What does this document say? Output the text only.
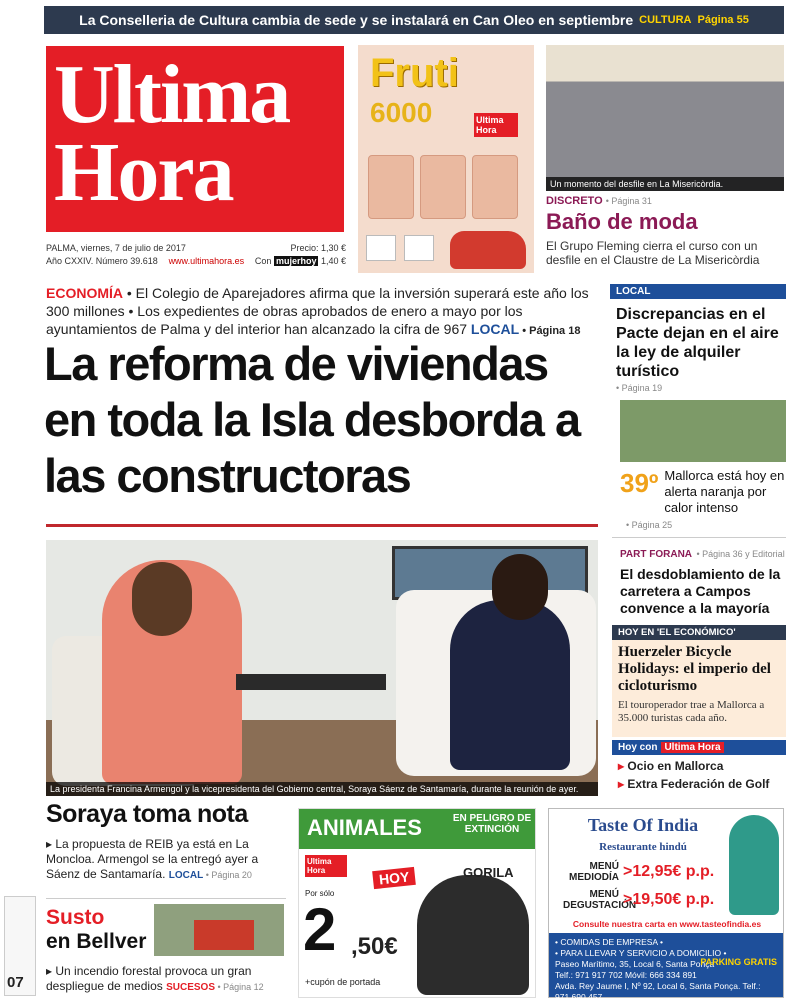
La Conselleria de Cultura cambia de sede y se instalará en Can Oleo en septiembre CULTURA Página 55
Ultima
Hora
PALMA, viernes, 7 de julio de 2017	Precio: 1,30 €
Año CXXIV. Número 39.618 www.ultimahora.es Con mujerhoy 1,40 €
Fruti
6000	Ultima Hora
Un momento del desfile en La Misericòrdia.
DISCRETO • Página 31
Baño de moda
El Grupo Fleming cierra el curso con un desfile en el Claustre de La Misericòrdia
ECONOMÍA • El Colegio de Aparejadores afirma que la inversión superará este año los 300 millones • Los expedientes de obras aprobados de enero a mayo por los ayuntamientos de Palma y del interior han alcanzado la cifra de 967 LOCAL • Página 18
La reforma de viviendas en toda la Isla desborda a las constructoras
La presidenta Francina Armengol y la vicepresidenta del Gobierno central, Soraya Sáenz de Santamaría, durante la reunión de ayer.
Soraya toma nota

▸ La propuesta de REIB ya está en La Moncloa. Armengol se la entregó ayer a Sáenz de Santamaría. LOCAL • Página 20

07
Susto
en Bellver

▸ Un incendio forestal provoca un gran despliegue de medios SUCESOS • Página 12

ANIMALES	EN PELIGRO DE EXTINCIÓN
Ultima Hora	HOY	GORILA
Por sólo
2 ,50€
+cupón de portada
Taste Of India
Restaurante hindú
MENÚ MEDIODÍA >12,95€ p.p.
MENÚ DEGUSTACIÓN
>19,50€ p.p.
Consulte nuestra carta en www.tasteofindia.es
• COMIDAS DE EMPRESA •
• PARA LLEVAR Y SERVICIO A DOMICILIO •
Paseo Marítimo, 35, Local 6, Santa Ponça
Telf.: 971 917 702 Móvil: 666 334 891
Avda. Rey Jaume I, Nº 92, Local 6, Santa Ponça. Telf.: 971 690 457
PARKING GRATIS
LOCAL
Discrepancias en el Pacte dejan en el aire la ley de alquiler turístico
• Página 19
39º Mallorca está hoy en alerta naranja por calor intenso
• Página 25
PART FORANA • Página 36 y Editorial
El desdoblamiento de la carretera a Campos convence a la mayoría
HOY EN 'EL ECONÓMICO'
Huerzeler Bicycle Holidays: el imperio del cicloturismo
El touroperador trae a Mallorca a 35.000 turistas cada año.
Hoy con Ultima Hora
▸ Ocio en Mallorca
▸ Extra Federación de Golf
